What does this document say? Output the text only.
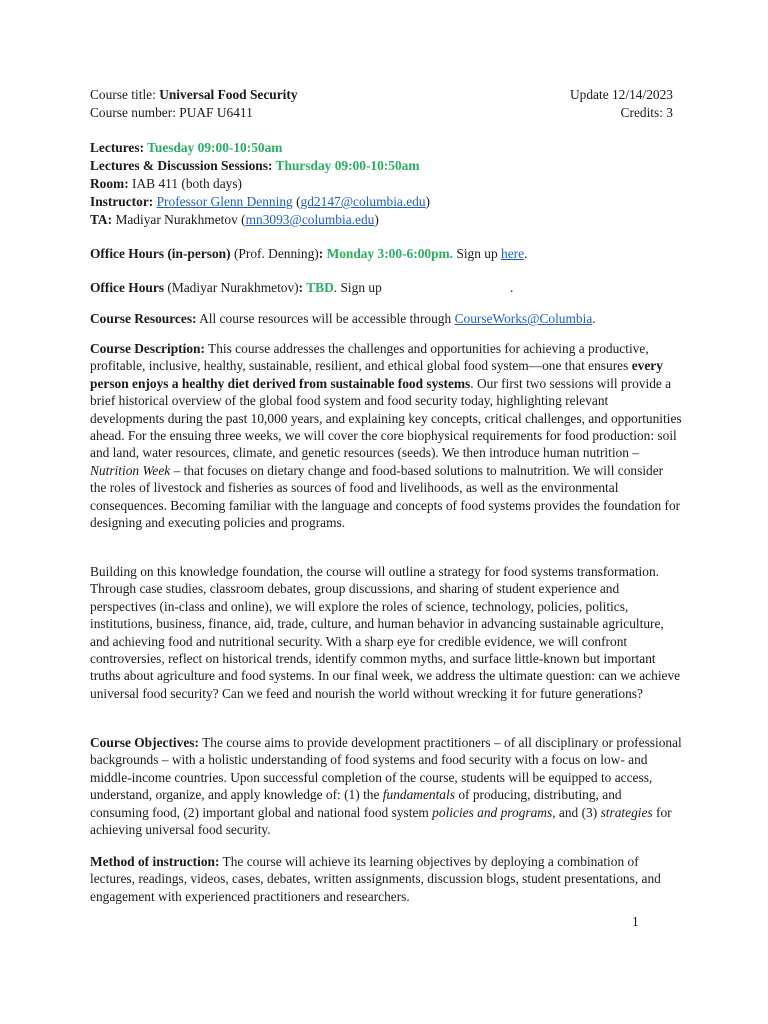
Course title: Universal Food Security	Update 12/14/2023
Course number: PUAF U6411	Credits: 3
Lectures: Tuesday 09:00-10:50am
Lectures & Discussion Sessions: Thursday 09:00-10:50am
Room: IAB 411 (both days)
Instructor: Professor Glenn Denning (gd2147@columbia.edu)
TA: Madiyar Nurakhmetov (mn3093@columbia.edu)
Office Hours (in-person) (Prof. Denning): Monday 3:00-6:00pm. Sign up here.
Office Hours (Madiyar Nurakhmetov): TBD. Sign up	.
Course Resources: All course resources will be accessible through CourseWorks@Columbia.

Course Description: This course addresses the challenges and opportunities for achieving a productive, profitable, inclusive, healthy, sustainable, resilient, and ethical global food system—one that ensures every person enjoys a healthy diet derived from sustainable food systems. Our first two sessions will provide a brief historical overview of the global food system and food security today, highlighting relevant developments during the past 10,000 years, and explaining key concepts, critical challenges, and opportunities ahead. For the ensuing three weeks, we will cover the core biophysical requirements for food production: soil and land, water resources, climate, and genetic resources (seeds). We then introduce human nutrition – Nutrition Week – that focuses on dietary change and food-based solutions to malnutrition. We will consider the roles of livestock and fisheries as sources of food and livelihoods, as well as the environmental consequences. Becoming familiar with the language and concepts of food systems provides the foundation for designing and executing policies and programs.

Building on this knowledge foundation, the course will outline a strategy for food systems transformation. Through case studies, classroom debates, group discussions, and sharing of student experience and perspectives (in-class and online), we will explore the roles of science, technology, policies, politics, institutions, business, finance, aid, trade, culture, and human behavior in advancing sustainable agriculture, and achieving food and nutritional security. With a sharp eye for credible evidence, we will confront controversies, reflect on historical trends, identify common myths, and surface little-known but important truths about agriculture and food systems. In our final week, we address the ultimate question: can we achieve universal food security? Can we feed and nourish the world without wrecking it for future generations?

Course Objectives: The course aims to provide development practitioners – of all disciplinary or professional backgrounds – with a holistic understanding of food systems and food security with a focus on low- and middle-income countries. Upon successful completion of the course, students will be equipped to access, understand, organize, and apply knowledge of: (1) the fundamentals of producing, distributing, and consuming food, (2) important global and national food system policies and programs, and (3) strategies for achieving universal food security.

Method of instruction: The course will achieve its learning objectives by deploying a combination of lectures, readings, videos, cases, debates, written assignments, discussion blogs, student presentations, and engagement with experienced practitioners and researchers.

1
